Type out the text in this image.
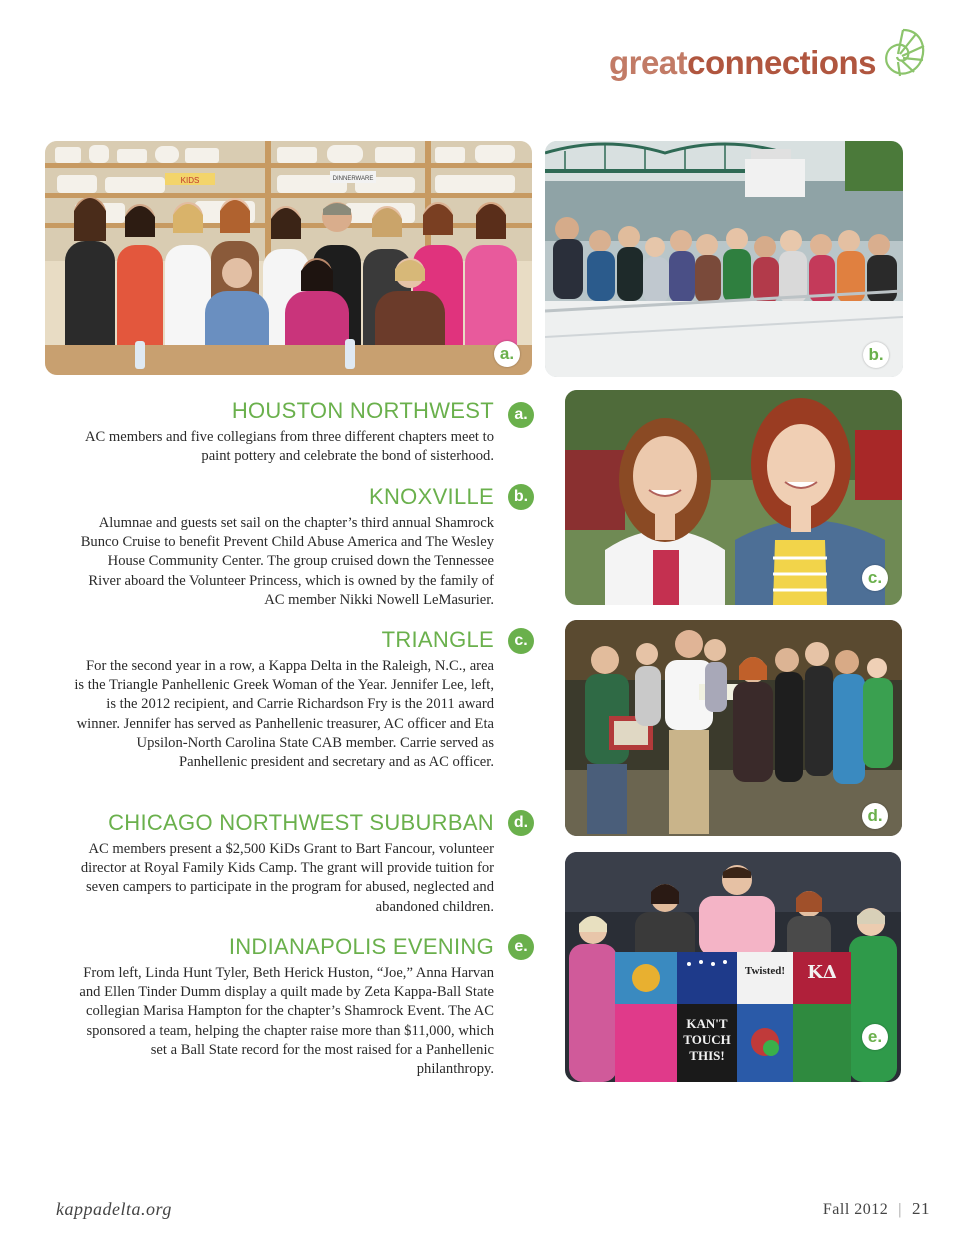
greatconnections
KIDS	DINNERWARE
a.	b.
c.
d.
Twisted! ΚΔ
KAN'T
TOUCH
THIS!
e.
HOUSTON NORTHWEST

AC members and five collegians from three different chapters meet to paint pottery and celebrate the bond of sisterhood.

a.
KNOXVILLE

Alumnae and guests set sail on the chapter’s third annual Shamrock Bunco Cruise to benefit Prevent Child Abuse America and The Wesley House Community Center. The group cruised down the Tennessee River aboard the Volunteer Princess, which is owned by the family of AC member Nikki Nowell LeMasurier.

b.
TRIANGLE

For the second year in a row, a Kappa Delta in the Raleigh, N.C., area is the Triangle Panhellenic Greek Woman of the Year. Jennifer Lee, left, is the 2012 recipient, and Carrie Richardson Fry is the 2011 award winner. Jennifer has served as Panhellenic treasurer, AC officer and Eta Upsilon-North Carolina State CAB member. Carrie served as Panhellenic president and secretary and as AC officer.

c.
CHICAGO NORTHWEST SUBURBAN

AC members present a $2,500 KiDs Grant to Bart Fancour, volunteer director at Royal Family Kids Camp. The grant will provide tuition for seven campers to participate in the program for abused, neglected and abandoned children.

d.
INDIANAPOLIS EVENING

From left, Linda Hunt Tyler, Beth Herick Huston, “Joe,” Anna Harvan and Ellen Tinder Dumm display a quilt made by Zeta Kappa-Ball State collegian Marisa Hampton for the chapter’s Shamrock Event. The AC sponsored a team, helping the chapter raise more than $11,000, which set a Ball State record for the most raised for a Panhellenic philanthropy.

e.
kappadelta.org	Fall 2012 | 21
